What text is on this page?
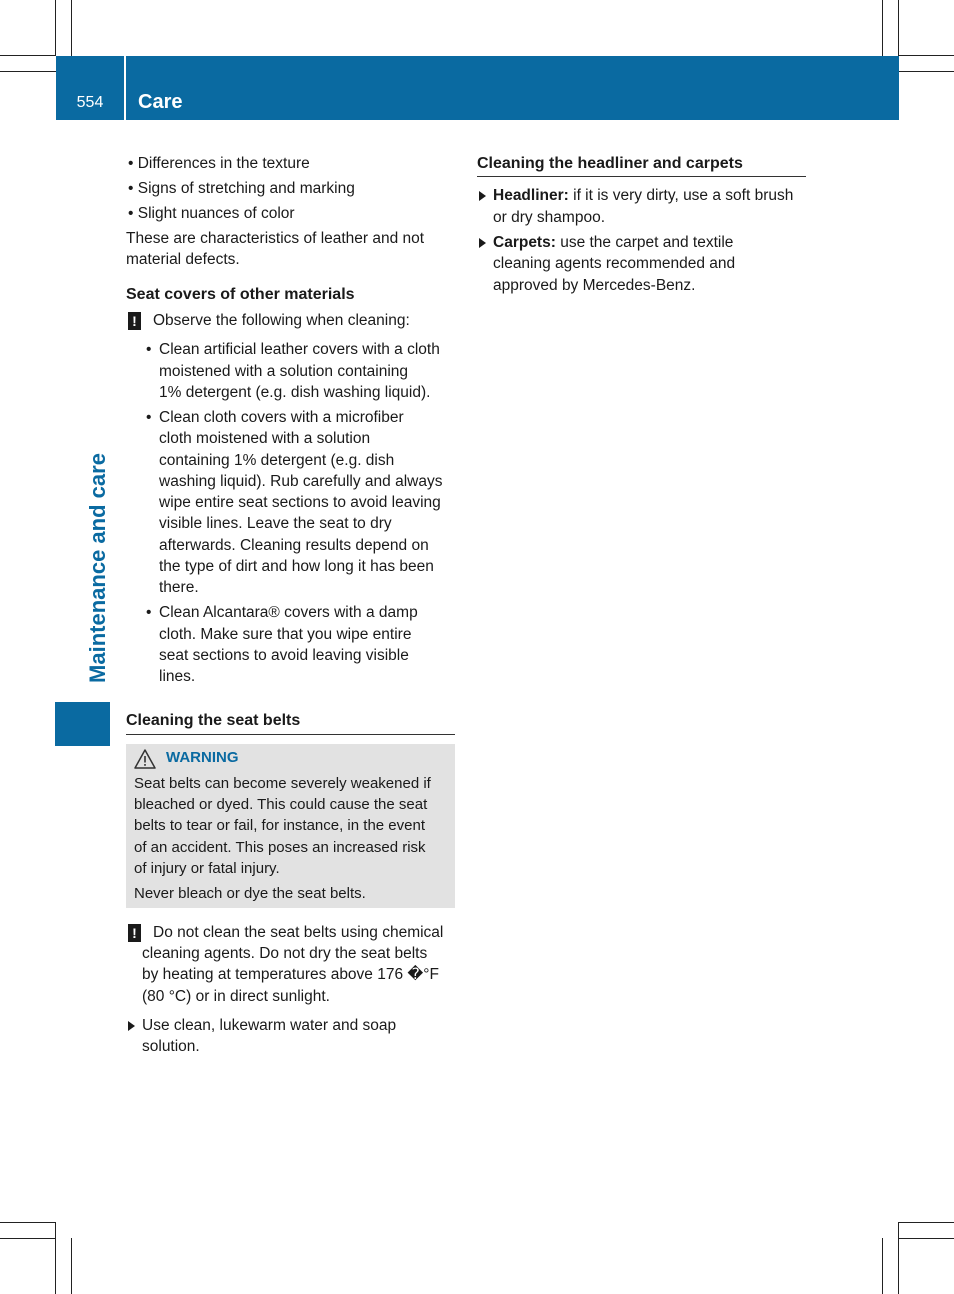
554	Care
Maintenance and care
• Differences in the texture
• Signs of stretching and marking
• Slight nuances of color
These are characteristics of leather and not
material defects.
Seat covers of other materials
! Observe the following when cleaning:
• Clean artificial leather covers with a cloth
moistened with a solution containing
1% detergent (e.g. dish washing liquid).
• Clean cloth covers with a microfiber
cloth moistened with a solution
containing 1% detergent (e.g. dish
washing liquid). Rub carefully and always
wipe entire seat sections to avoid leaving
visible lines. Leave the seat to dry
afterwards. Cleaning results depend on
the type of dirt and how long it has been
there.
• Clean Alcantara® covers with a damp
cloth. Make sure that you wipe entire
seat sections to avoid leaving visible
lines.
Cleaning the seat belts
WARNING
Seat belts can become severely weakened if
bleached or dyed. This could cause the seat
belts to tear or fail, for instance, in the event
of an accident. This poses an increased risk
of injury or fatal injury.
Never bleach or dye the seat belts.
! Do not clean the seat belts using chemical
cleaning agents. Do not dry the seat belts
by heating at temperatures above 176 �°F
(80 °C) or in direct sunlight.
Use clean, lukewarm water and soap
solution.
Cleaning the headliner and carpets
Headliner: if it is very dirty, use a soft brush
or dry shampoo.
Carpets: use the carpet and textile
cleaning agents recommended and
approved by Mercedes-Benz.
